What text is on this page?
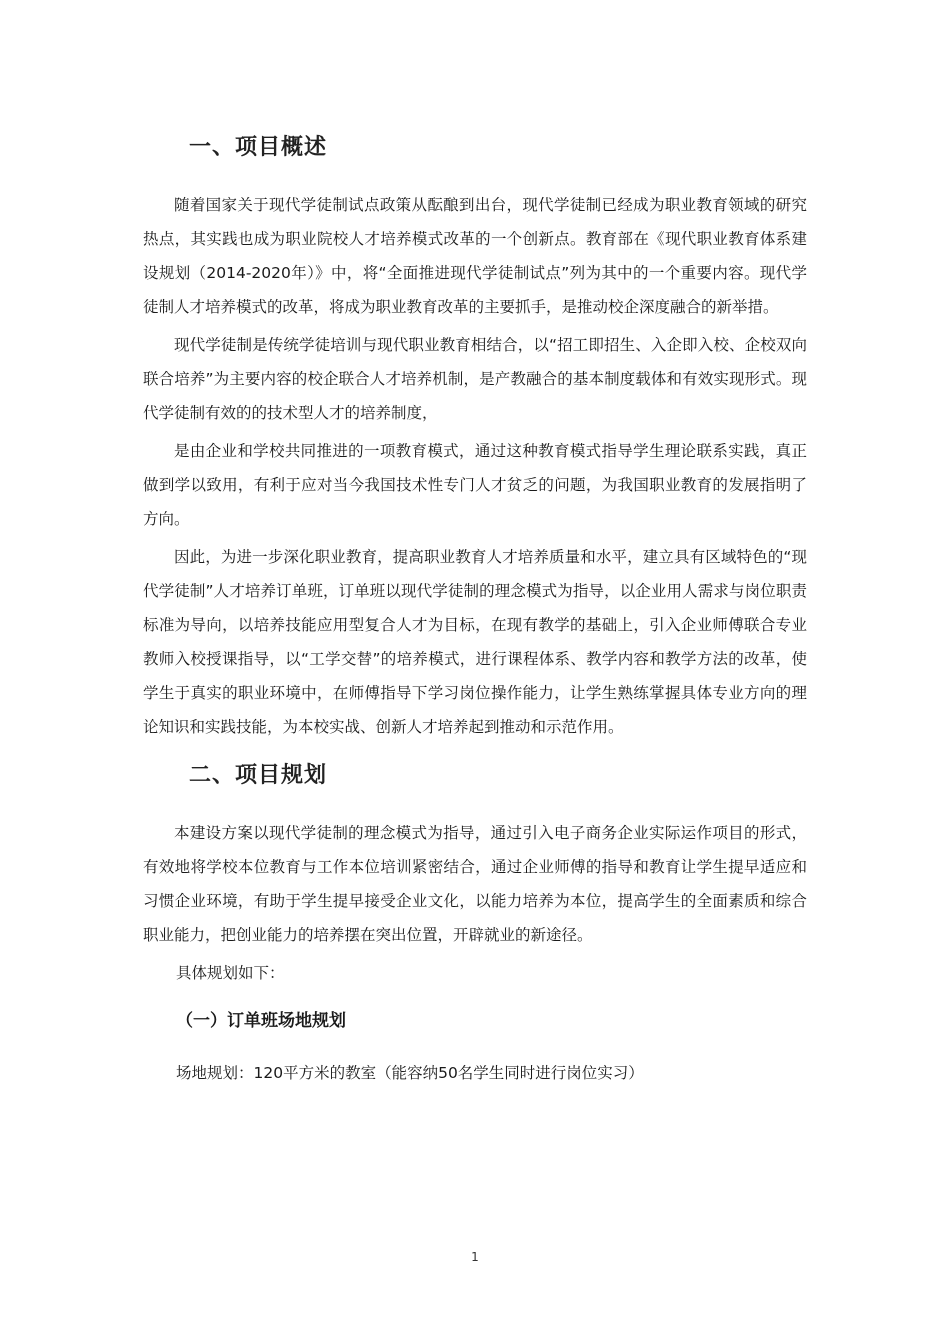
一、项目概述

随着国家关于现代学徒制试点政策从酝酿到出台，现代学徒制已经成为职业教育领域的研究热点，其实践也成为职业院校人才培养模式改革的一个创新点。教育部在《现代职业教育体系建设规划（2014-2020年）》中，将“全面推进现代学徒制试点”列为其中的一个重要内容。现代学徒制人才培养模式的改革，将成为职业教育改革的主要抓手，是推动校企深度融合的新举措。

现代学徒制是传统学徒培训与现代职业教育相结合，以“招工即招生、入企即入校、企校双向联合培养”为主要内容的校企联合人才培养机制，是产教融合的基本制度载体和有效实现形式。现代学徒制有效的的技术型人才的培养制度，

是由企业和学校共同推进的一项教育模式，通过这种教育模式指导学生理论联系实践，真正做到学以致用，有利于应对当今我国技术性专门人才贫乏的问题，为我国职业教育的发展指明了方向。

因此，为进一步深化职业教育，提高职业教育人才培养质量和水平，建立具有区域特色的“现代学徒制”人才培养订单班，订单班以现代学徒制的理念模式为指导，以企业用人需求与岗位职责标准为导向，以培养技能应用型复合人才为目标，在现有教学的基础上，引入企业师傅联合专业教师入校授课指导，以“工学交替”的培养模式，进行课程体系、教学内容和教学方法的改革，使学生于真实的职业环境中，在师傅指导下学习岗位操作能力，让学生熟练掌握具体专业方向的理论知识和实践技能，为本校实战、创新人才培养起到推动和示范作用。

二、项目规划

本建设方案以现代学徒制的理念模式为指导，通过引入电子商务企业实际运作项目的形式，有效地将学校本位教育与工作本位培训紧密结合，通过企业师傅的指导和教育让学生提早适应和习惯企业环境，有助于学生提早接受企业文化，以能力培养为本位，提高学生的全面素质和综合职业能力，把创业能力的培养摆在突出位置，开辟就业的新途径。

具体规划如下：

（一）订单班场地规划

场地规划：120平方米的教室（能容纳50名学生同时进行岗位实习）

1
